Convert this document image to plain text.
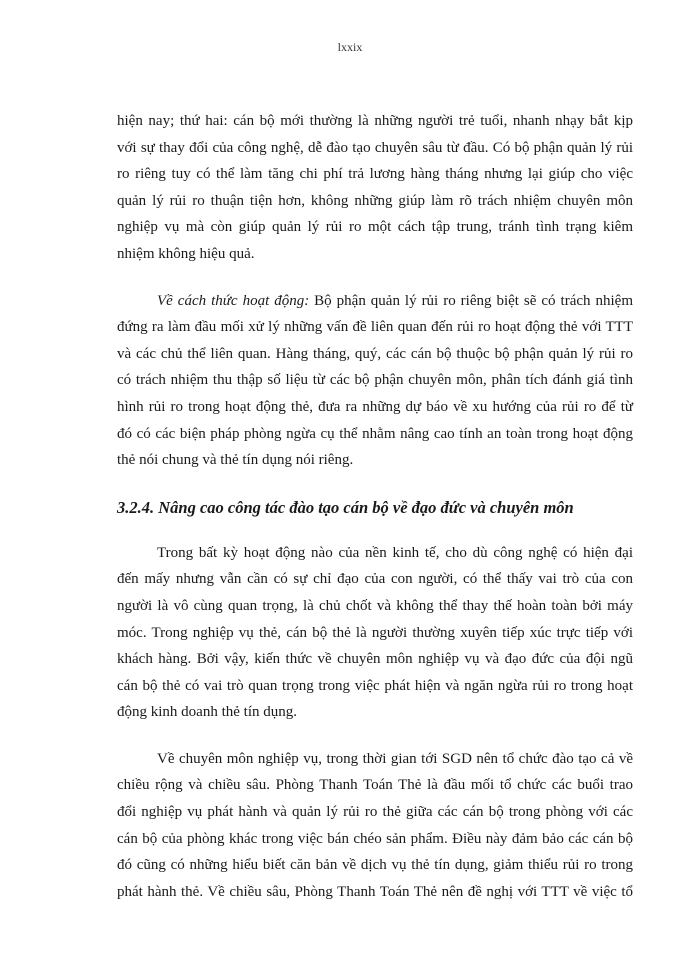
lxxix
hiện nay; thứ hai: cán bộ mới thường là những người trẻ tuổi, nhanh nhạy bắt kịp
với sự thay đổi của công nghệ, dễ đào tạo chuyên sâu từ đầu. Có bộ phận quản lý rủi
ro riêng tuy có thể làm tăng chi phí trả lương hàng tháng nhưng lại giúp cho việc
quản lý rủi ro thuận tiện hơn, không những giúp làm rõ trách nhiệm chuyên môn
nghiệp vụ mà còn giúp quản lý rủi ro một cách tập trung, tránh tình trạng kiêm
nhiệm không hiệu quả.
Về cách thức hoạt động: Bộ phận quản lý rủi ro riêng biệt sẽ có trách nhiệm
đứng ra làm đầu mối xử lý những vấn đề liên quan đến rủi ro hoạt động thẻ với TTT
và các chủ thể liên quan. Hàng tháng, quý, các cán bộ thuộc bộ phận quản lý rủi ro
có trách nhiệm thu thập số liệu từ các bộ phận chuyên môn, phân tích đánh giá tình
hình rủi ro trong hoạt động thẻ, đưa ra những dự báo về xu hướng của rủi ro để từ
đó có các biện pháp phòng ngừa cụ thể nhằm nâng cao tính an toàn trong hoạt động
thẻ nói chung và thẻ tín dụng nói riêng.
3.2.4. Nâng cao công tác đào tạo cán bộ về đạo đức và chuyên môn
Trong bất kỳ hoạt động nào của nền kinh tế, cho dù công nghệ có hiện đại
đến mấy nhưng vẫn cần có sự chỉ đạo của con người, có thể thấy vai trò của con
người là vô cùng quan trọng, là chủ chốt và không thể thay thế hoàn toàn bởi máy
móc. Trong nghiệp vụ thẻ, cán bộ thẻ là người thường xuyên tiếp xúc trực tiếp với
khách hàng. Bởi vậy, kiến thức về chuyên môn nghiệp vụ và đạo đức của đội ngũ
cán bộ thẻ có vai trò quan trọng trong việc phát hiện và ngăn ngừa rủi ro trong hoạt
động kinh doanh thẻ tín dụng.
Về chuyên môn nghiệp vụ, trong thời gian tới SGD nên tổ chức đào tạo cả về
chiều rộng và chiều sâu. Phòng Thanh Toán Thẻ là đầu mối tổ chức các buổi trao
đổi nghiệp vụ phát hành và quản lý rủi ro thẻ giữa các cán bộ trong phòng với các
cán bộ của phòng khác trong việc bán chéo sản phẩm. Điều này đảm bảo các cán bộ
đó cũng có những hiểu biết căn bản về dịch vụ thẻ tín dụng, giảm thiểu rủi ro trong
phát hành thẻ. Về chiều sâu, Phòng Thanh Toán Thẻ nên đề nghị với TTT về việc tổ
